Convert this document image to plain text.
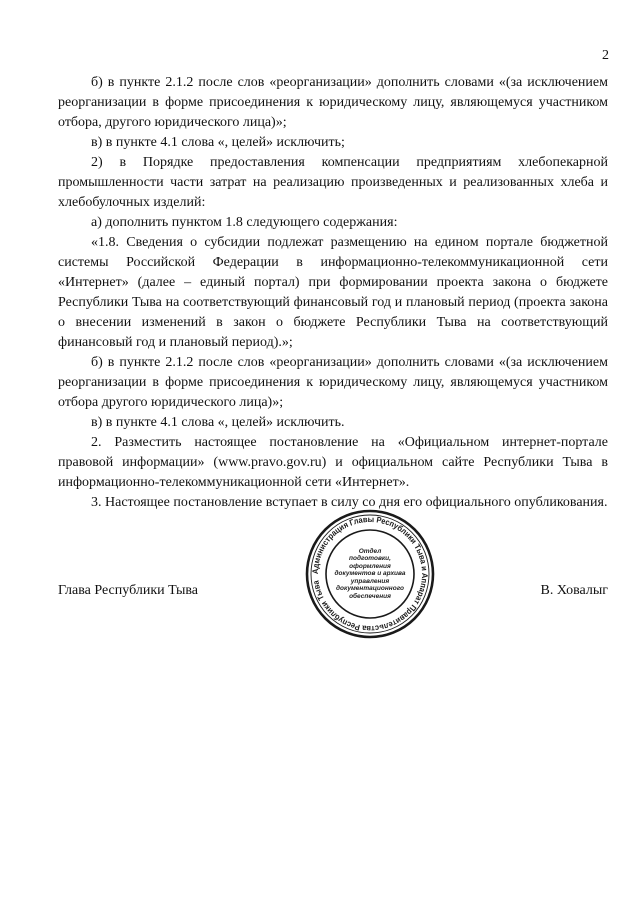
2

б) в пункте 2.1.2 после слов «реорганизации» дополнить словами «(за исключением реорганизации в форме присоединения к юридическому лицу, являющемуся участником отбора, другого юридического лица)»;

в) в пункте 4.1 слова «, целей» исключить;

2) в Порядке предоставления компенсации предприятиям хлебопекарной промышленности части затрат на реализацию произведенных и реализованных хлеба и хлебобулочных изделий:

а) дополнить пунктом 1.8 следующего содержания:

«1.8. Сведения о субсидии подлежат размещению на едином портале бюджетной системы Российской Федерации в информационно-телекоммуникационной сети «Интернет» (далее – единый портал) при формировании проекта закона о бюджете Республики Тыва на соответствующий финансовый год и плановый период (проекта закона о внесении изменений в закон о бюджете Республики Тыва на соответствующий финансовый год и плановый период).»;

б) в пункте 2.1.2 после слов «реорганизации» дополнить словами «(за исключением реорганизации в форме присоединения к юридическому лицу, являющемуся участником отбора другого юридического лица)»;

в) в пункте 4.1 слова «, целей» исключить.

2. Разместить настоящее постановление на «Официальном интернет-портале правовой информации» (www.pravo.gov.ru) и официальном сайте Республики Тыва в информационно-телекоммуникационной сети «Интернет».

3. Настоящее постановление вступает в силу со дня его официального опубликования.

Глава Республики Тыва	В. Ховалыг
Администрация Главы Республики Тыва и Аппарат Правительства Республики Тыва
Отдел
подготовки,
оформления
документов и архива
управления
документационного
обеспечения
